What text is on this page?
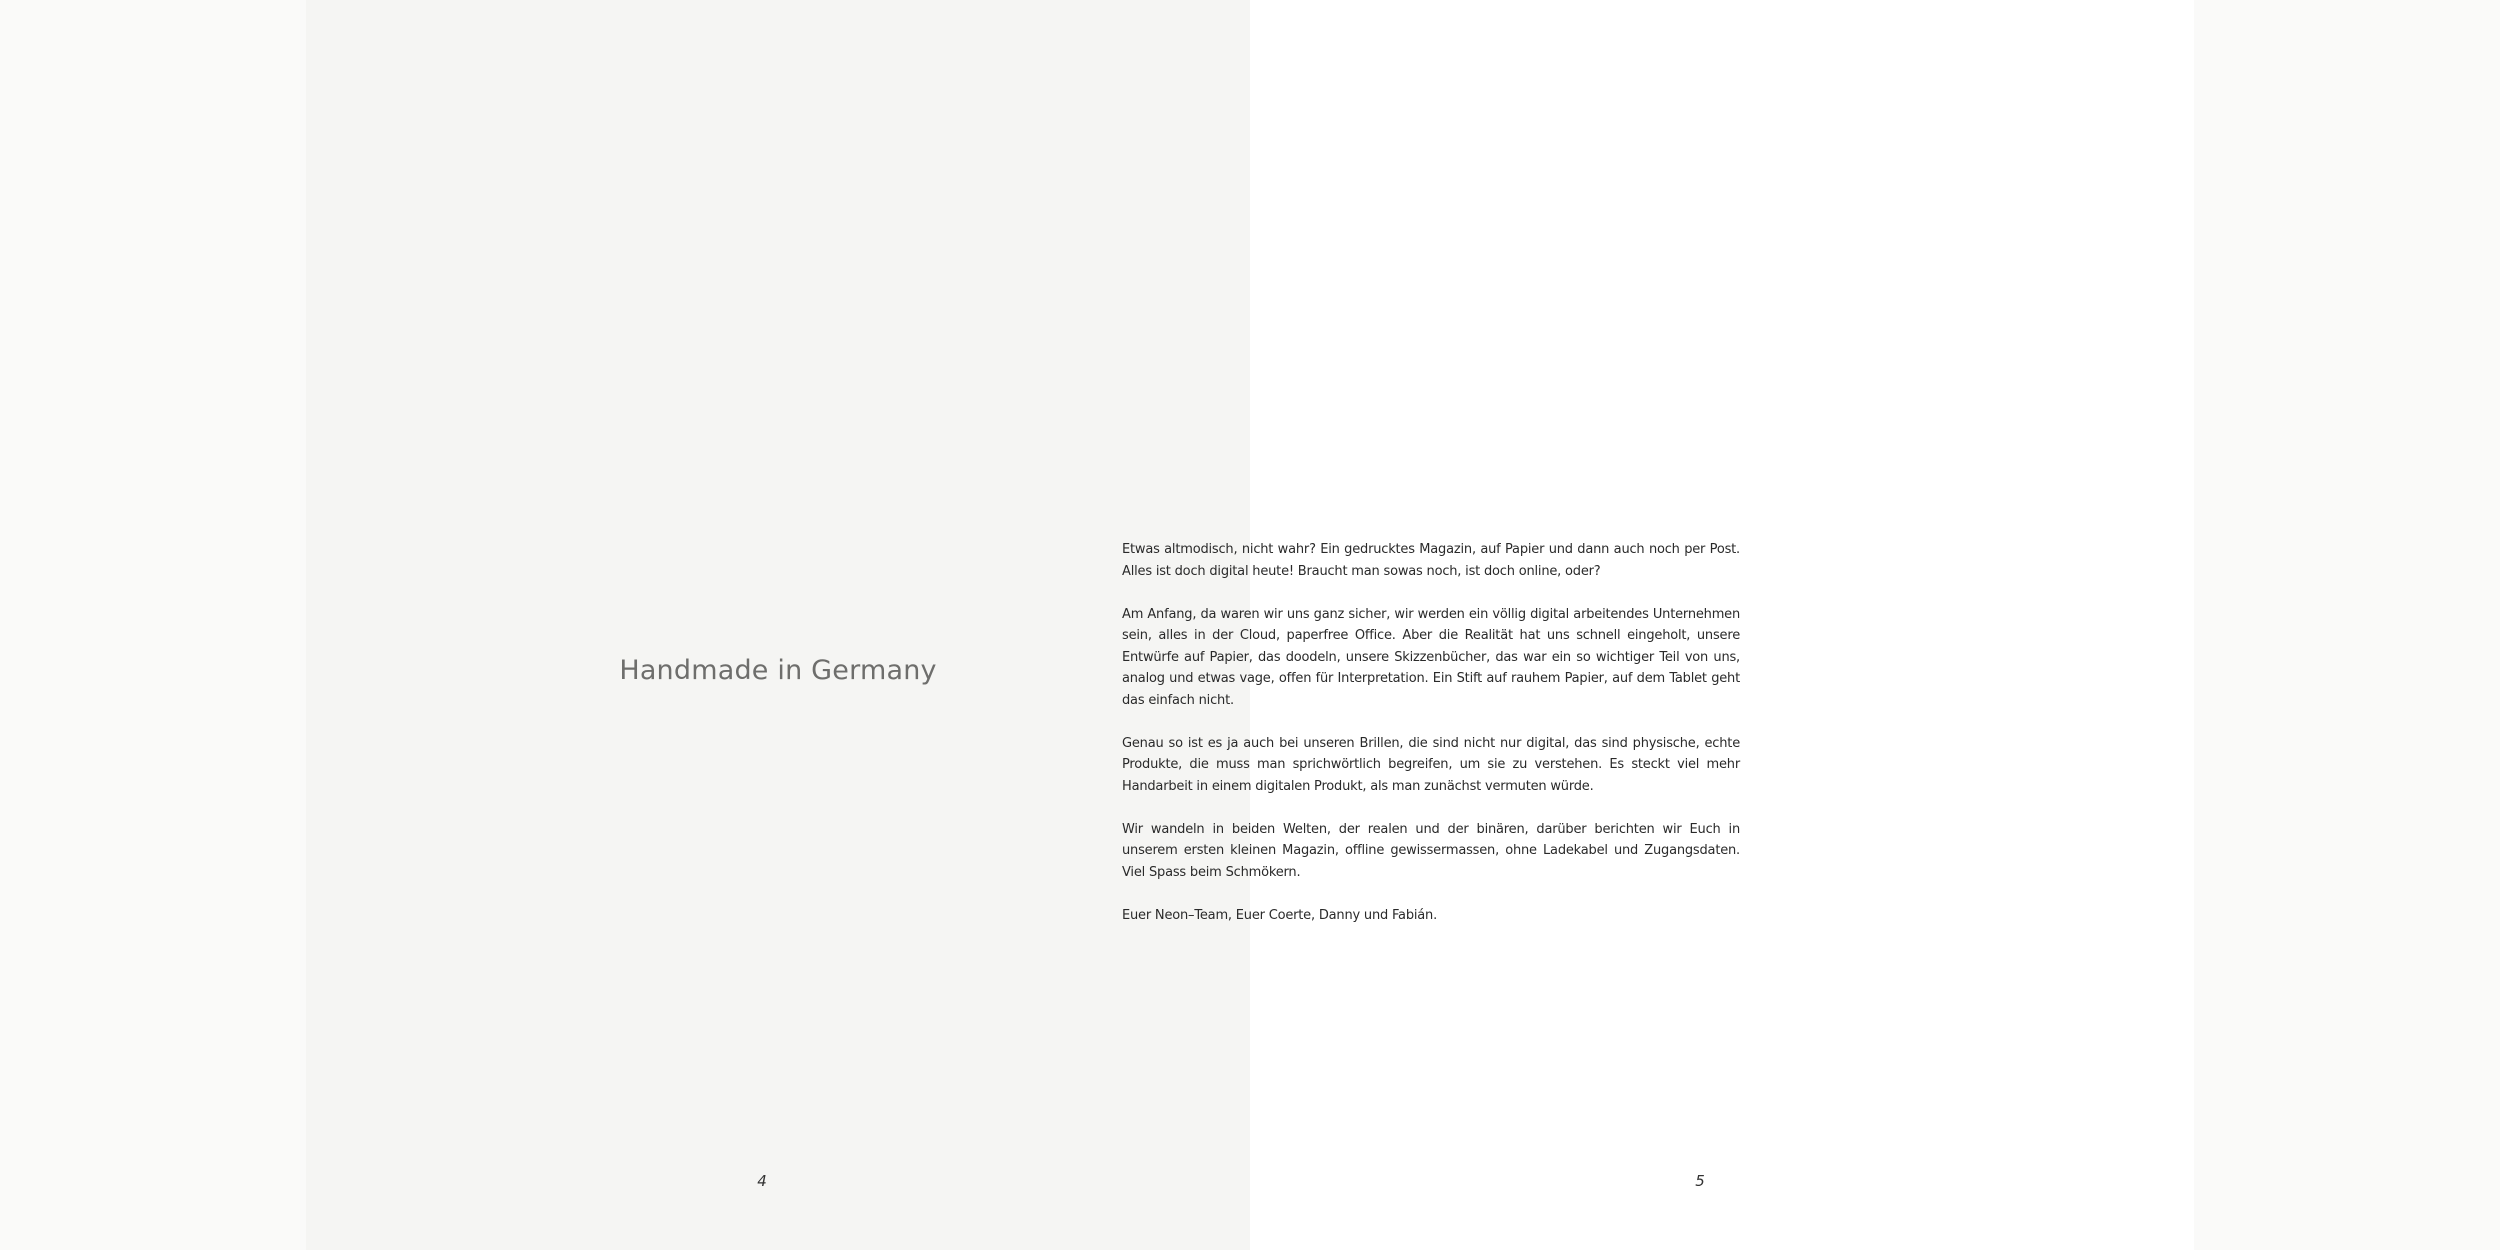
Handmade in Germany
4	5

Etwas altmodisch, nicht wahr? Ein gedrucktes Magazin, auf Papier und dann auch noch per Post. Alles ist doch digital heute! Braucht man sowas noch, ist doch online, oder?

Am Anfang, da waren wir uns ganz sicher, wir werden ein völlig digital arbeitendes Unternehmen sein, alles in der Cloud, paperfree Office. Aber die Realität hat uns schnell eingeholt, unsere Entwürfe auf Papier, das doodeln, unsere Skizzenbücher, das war ein so wichtiger Teil von uns, analog und etwas vage, offen für Interpretation. Ein Stift auf rauhem Papier, auf dem Tablet geht das einfach nicht.

Genau so ist es ja auch bei unseren Brillen, die sind nicht nur digital, das sind physische, echte Produkte, die muss man sprichwörtlich begreifen, um sie zu verstehen. Es steckt viel mehr Handarbeit in einem digitalen Produkt, als man zunächst vermuten würde.

Wir wandeln in beiden Welten, der realen und der binären, darüber berichten wir Euch in unserem ersten kleinen Magazin, offline gewissermassen, ohne Ladekabel und Zugangsdaten. Viel Spass beim Schmökern.

Euer Neon–Team, Euer Coerte, Danny und Fabián.
